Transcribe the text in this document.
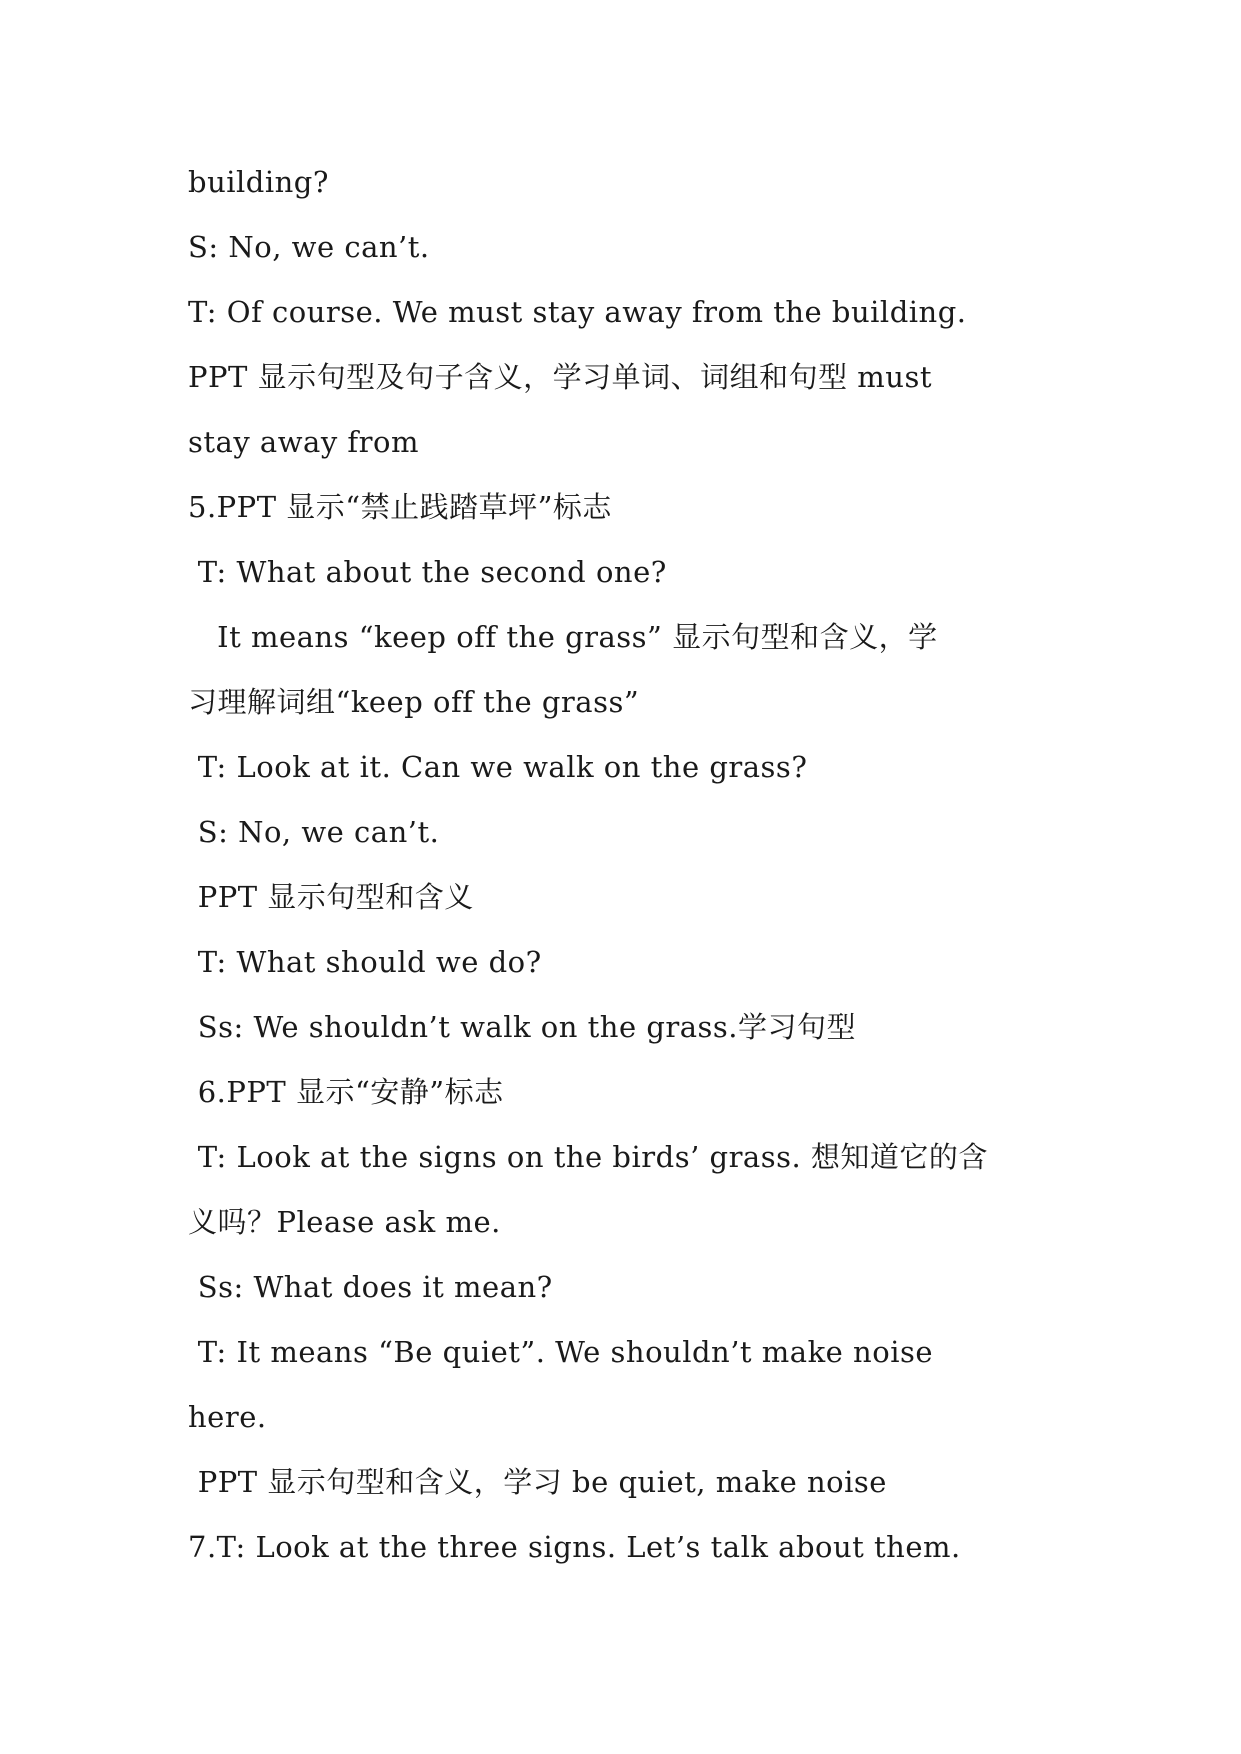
building?
S: No, we can’t.
T: Of course. We must stay away from the building.
PPT 显示句型及句子含义，学习单词、词组和句型 must
stay away from
5.PPT 显示“禁止践踏草坪”标志
T: What about the second one?
It means “keep off the grass” 显示句型和含义，学
习理解词组“keep off the grass”
T: Look at it. Can we walk on the grass?
S: No, we can’t.
PPT 显示句型和含义
T: What should we do?
Ss: We shouldn’t walk on the grass.学习句型
6.PPT 显示“安静”标志
T: Look at the signs on the birds’ grass. 想知道它的含
义吗？Please ask me.
Ss: What does it mean?
T: It means “Be quiet”. We shouldn’t make noise
here.
PPT 显示句型和含义，学习 be quiet, make noise
7.T: Look at the three signs. Let’s talk about them.
